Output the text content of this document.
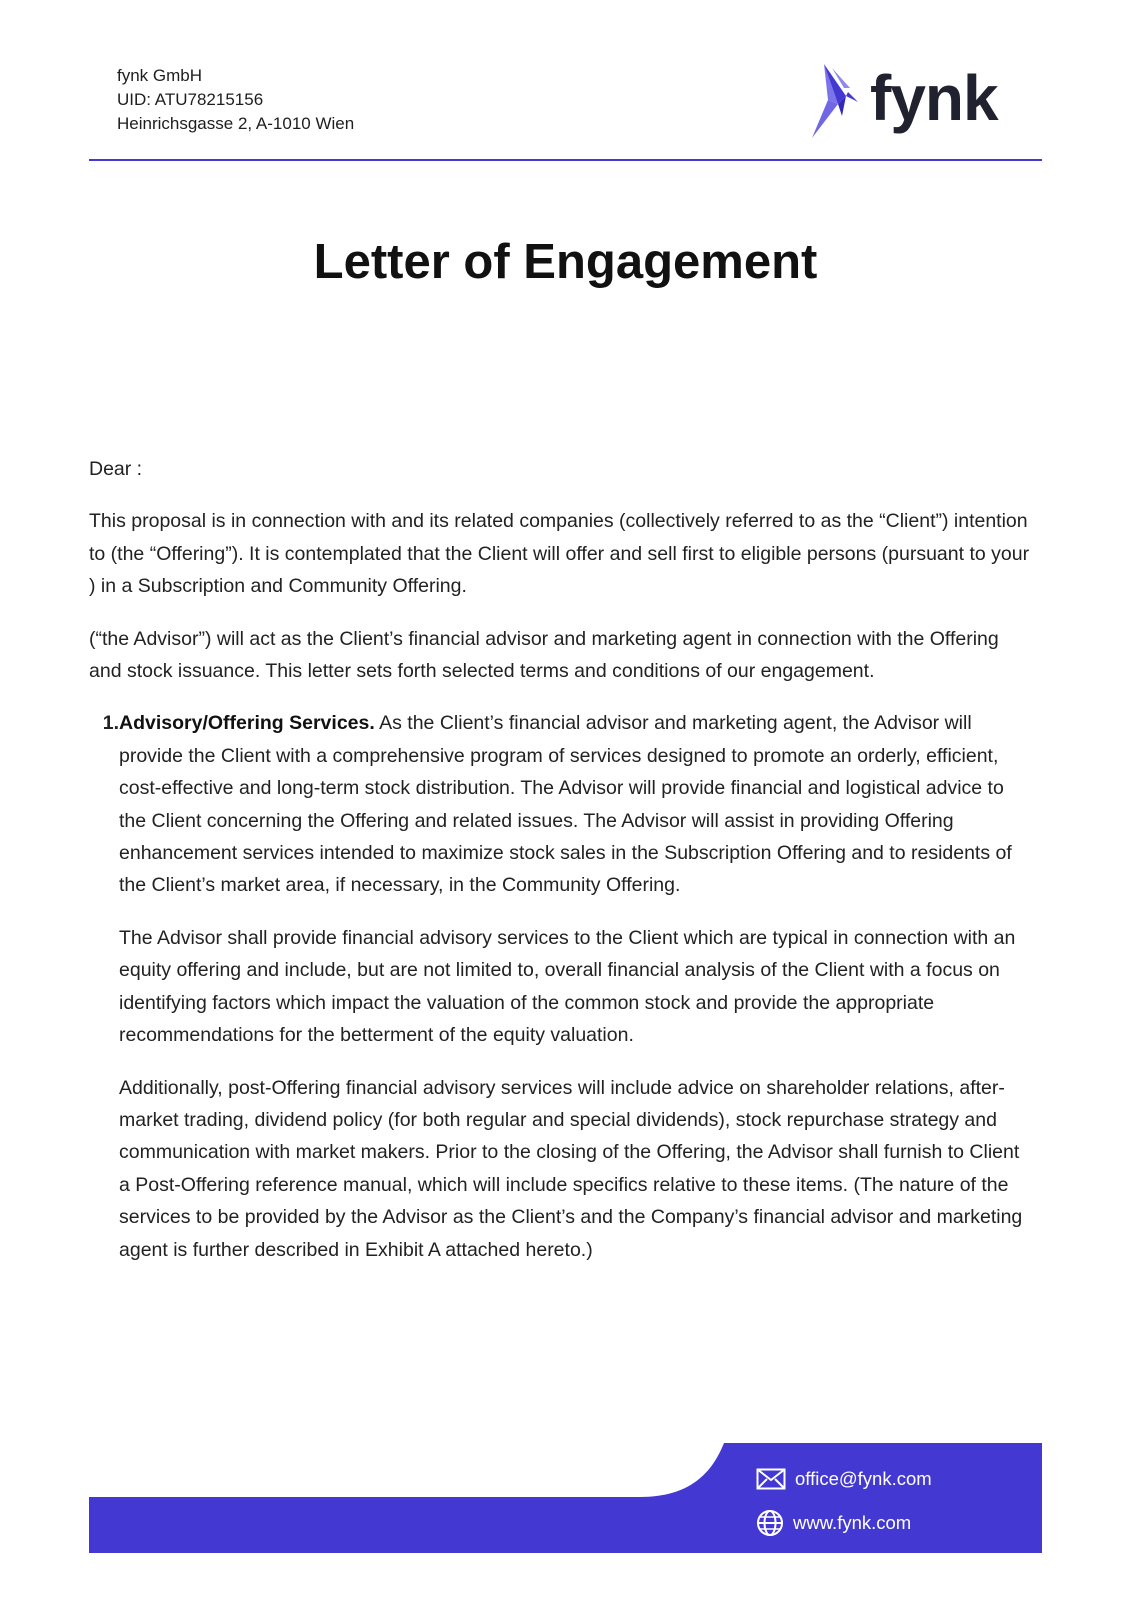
fynk GmbH
UID: ATU78215156
Heinrichsgasse 2, A-1010 Wien	fynk
Letter of Engagement

Dear :

This proposal is in connection with and its related companies (collectively referred to as the “Client”) intention to (the “Offering”). It is contemplated that the Client will offer and sell first to eligible persons (pursuant to your ) in a Subscription and Community Offering.

(“the Advisor”) will act as the Client’s financial advisor and marketing agent in connection with the Offering and stock issuance. This letter sets forth selected terms and conditions of our engagement.

1. Advisory/Offering Services. As the Client’s financial advisor and marketing agent, the Advisor will provide the Client with a comprehensive program of services designed to promote an orderly, efficient, cost-effective and long-term stock distribution. The Advisor will provide financial and logistical advice to the Client concerning the Offering and related issues. The Advisor will assist in providing Offering enhancement services intended to maximize stock sales in the Subscription Offering and to residents of the Client’s market area, if necessary, in the Community Offering.

The Advisor shall provide financial advisory services to the Client which are typical in connection with an equity offering and include, but are not limited to, overall financial analysis of the Client with a focus on identifying factors which impact the valuation of the common stock and provide the appropriate recommendations for the betterment of the equity valuation.

Additionally, post-Offering financial advisory services will include advice on shareholder relations, after-market trading, dividend policy (for both regular and special dividends), stock repurchase strategy and communication with market makers. Prior to the closing of the Offering, the Advisor shall furnish to Client a Post-Offering reference manual, which will include specifics relative to these items. (The nature of the services to be provided by the Advisor as the Client’s and the Company’s financial advisor and marketing agent is further described in Exhibit A attached hereto.)

office@fynk.com
www.fynk.com
